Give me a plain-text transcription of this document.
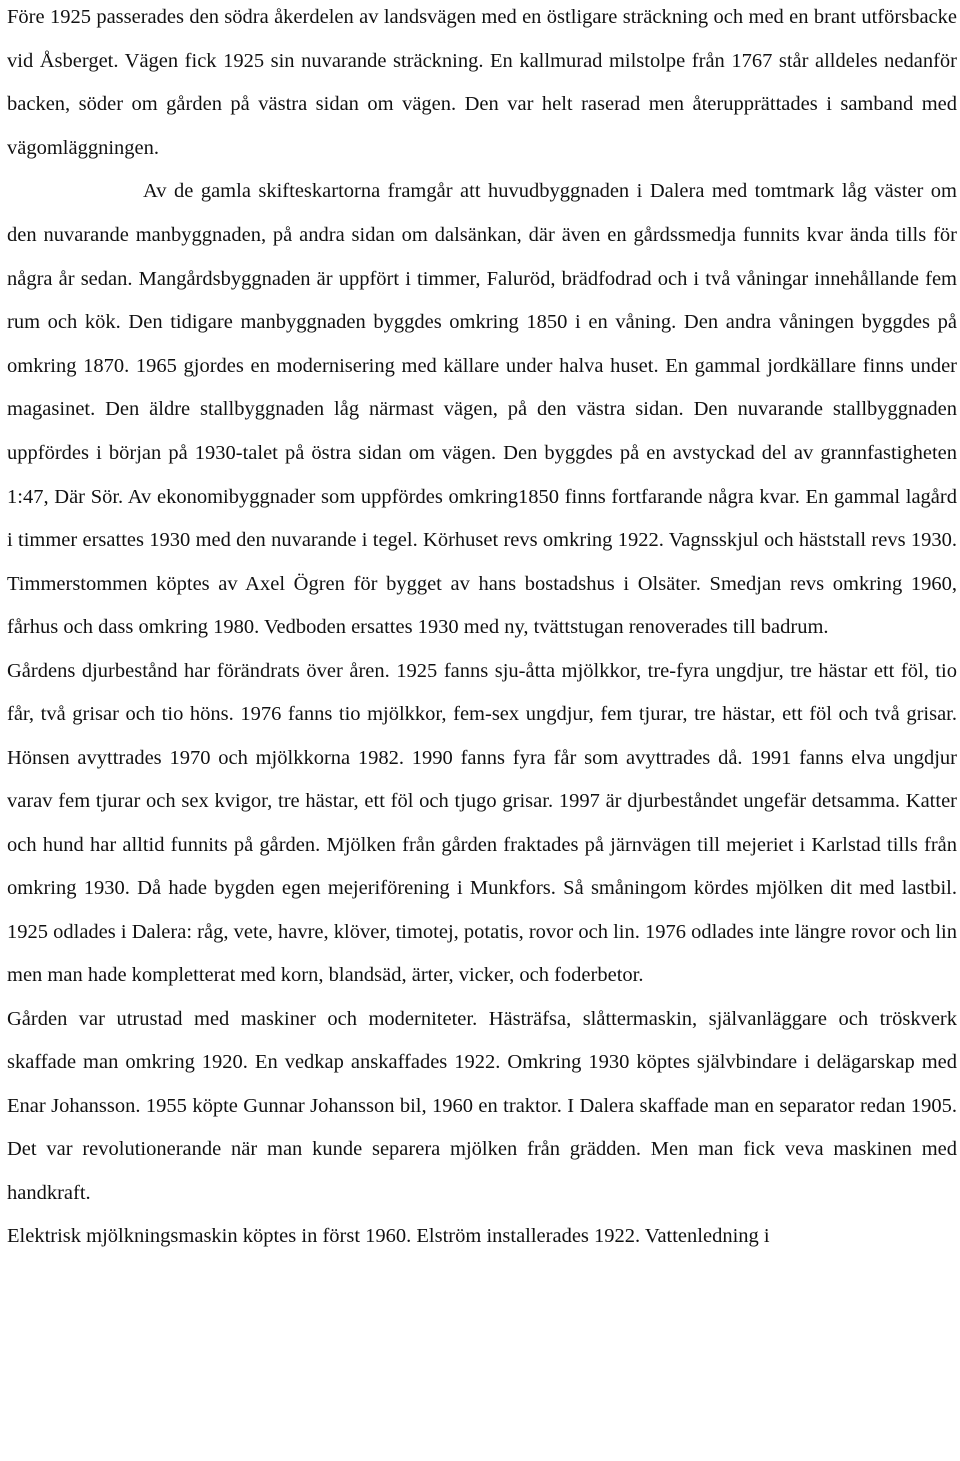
Före 1925 passerades den södra åkerdelen av landsvägen med en östligare sträckning och med en brant utförsbacke vid Åsberget. Vägen fick 1925 sin nuvarande sträckning. En kallmurad milstolpe från 1767 står alldeles nedanför backen, söder om gården på västra sidan om vägen. Den var helt raserad men återupprättades i samband med vägomläggningen.

Av de gamla skifteskartorna framgår att huvudbyggnaden i Dalera med tomtmark låg väster om den nuvarande manbyggnaden, på andra sidan om dalsänkan, där även en gårdssmedja funnits kvar ända tills för några år sedan. Mangårdsbyggnaden är uppfört i timmer, Faluröd, brädfodrad och i två våningar innehållande fem rum och kök. Den tidigare manbyggnaden byggdes omkring 1850 i en våning. Den andra våningen byggdes på omkring 1870. 1965 gjordes en modernisering med källare under halva huset. En gammal jordkällare finns under magasinet. Den äldre stallbyggnaden låg närmast vägen, på den västra sidan. Den nuvarande stallbyggnaden uppfördes i början på 1930-talet på östra sidan om vägen. Den byggdes på en avstyckad del av grannfastigheten 1:47, Där Sör. Av ekonomibyggnader som uppfördes omkring1850 finns fortfarande några kvar. En gammal lagård i timmer ersattes 1930 med den nuvarande i tegel. Körhuset revs omkring 1922. Vagnsskjul och häststall revs 1930. Timmerstommen köptes av Axel Ögren för bygget av hans bostadshus i Olsäter. Smedjan revs omkring 1960, fårhus och dass omkring 1980. Vedboden ersattes 1930 med ny, tvättstugan renoverades till badrum.

Gårdens djurbestånd har förändrats över åren. 1925 fanns sju-åtta mjölkkor, tre-fyra ungdjur, tre hästar ett föl, tio får, två grisar och tio höns. 1976 fanns tio mjölkkor, fem-sex ungdjur, fem tjurar, tre hästar, ett föl och två grisar. Hönsen avyttrades 1970 och mjölkkorna 1982. 1990 fanns fyra får som avyttrades då. 1991 fanns elva ungdjur varav fem tjurar och sex kvigor, tre hästar, ett föl och tjugo grisar. 1997 är djurbeståndet ungefär detsamma. Katter och hund har alltid funnits på gården. Mjölken från gården fraktades på järnvägen till mejeriet i Karlstad tills från omkring 1930. Då hade bygden egen mejeriförening i Munkfors. Så småningom kördes mjölken dit med lastbil. 1925 odlades i Dalera: råg, vete, havre, klöver, timotej, potatis, rovor och lin. 1976 odlades inte längre rovor och lin men man hade kompletterat med korn, blandsäd, ärter, vicker, och foderbetor.

Gården var utrustad med maskiner och moderniteter. Hästräfsa, slåttermaskin, självanläggare och tröskverk skaffade man omkring 1920. En vedkap anskaffades 1922. Omkring 1930 köptes självbindare i delägarskap med Enar Johansson. 1955 köpte Gunnar Johansson bil, 1960 en traktor. I Dalera skaffade man en separator redan 1905. Det var revolutionerande när man kunde separera mjölken från grädden. Men man fick veva maskinen med handkraft.

Elektrisk mjölkningsmaskin köptes in först 1960. Elström installerades 1922. Vattenledning i
